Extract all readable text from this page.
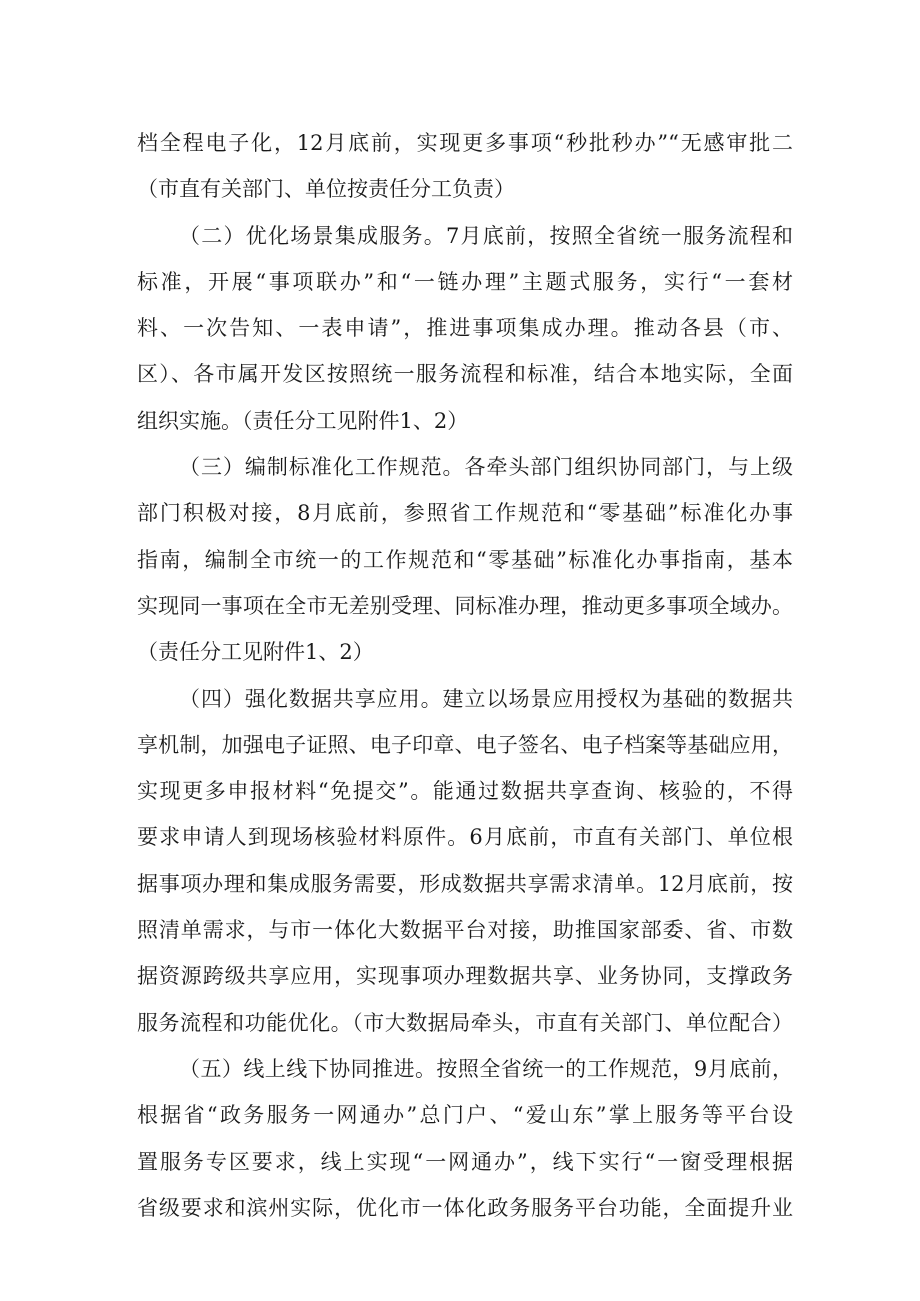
档全程电子化，12月底前，实现更多事项“秒批秒办”“无感审批二
（市直有关部门、单位按责任分工负责）
（二）优化场景集成服务。7月底前，按照全省统一服务流程和
标准，开展“事项联办”和“一链办理”主题式服务，实行“一套材
料、一次告知、一表申请”，推进事项集成办理。推动各县（市、
区）、各市属开发区按照统一服务流程和标准，结合本地实际，全面
组织实施。（责任分工见附件1、2）
（三）编制标准化工作规范。各牵头部门组织协同部门，与上级
部门积极对接，8月底前，参照省工作规范和“零基础”标准化办事
指南，编制全市统一的工作规范和“零基础”标准化办事指南，基本
实现同一事项在全市无差别受理、同标准办理，推动更多事项全域办。
（责任分工见附件1、2）
（四）强化数据共享应用。建立以场景应用授权为基础的数据共
享机制，加强电子证照、电子印章、电子签名、电子档案等基础应用，
实现更多申报材料“免提交”。能通过数据共享查询、核验的，不得
要求申请人到现场核验材料原件。6月底前，市直有关部门、单位根
据事项办理和集成服务需要，形成数据共享需求清单。12月底前，按
照清单需求，与市一体化大数据平台对接，助推国家部委、省、市数
据资源跨级共享应用，实现事项办理数据共享、业务协同，支撑政务
服务流程和功能优化。（市大数据局牵头，市直有关部门、单位配合）
（五）线上线下协同推进。按照全省统一的工作规范，9月底前，
根据省“政务服务一网通办”总门户、“爱山东”掌上服务等平台设
置服务专区要求，线上实现“一网通办”，线下实行“一窗受理根据
省级要求和滨州实际，优化市一体化政务服务平台功能，全面提升业
